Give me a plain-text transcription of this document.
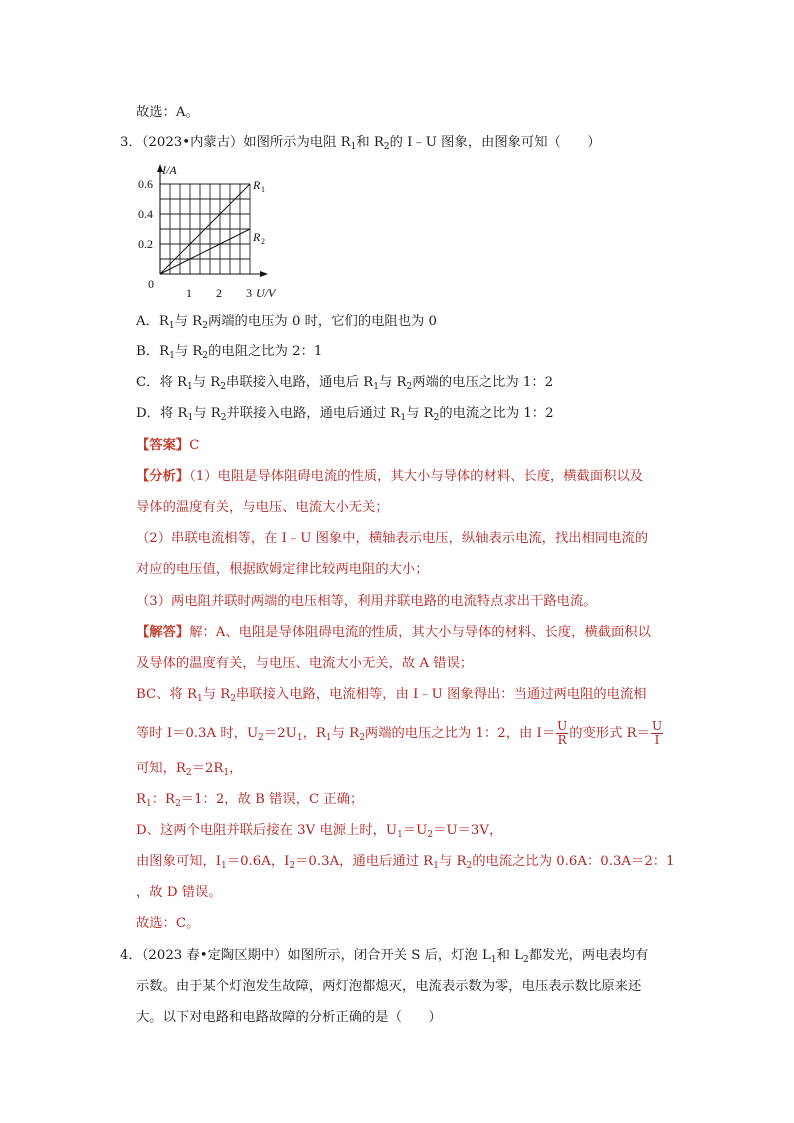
故选：A。
3．（2023•内蒙古）如图所示为电阻 $R_1$和 $R_2$的 I﹣U 图象，由图象可知（　　）
I/A
0.6
0.4
0.2
0
1 2 3 U/V
R 1
R 2
A．$R_1$与 $R_2$两端的电压为 0 时，它们的电阻也为 0
B．$R_1$与 $R_2$的电阻之比为 2：1
C．将 $R_1$与 $R_2$串联接入电路，通电后 $R_1$与 $R_2$两端的电压之比为 1：2
D．将 $R_1$与 $R_2$并联接入电路，通电后通过 $R_1$与 $R_2$的电流之比为 1：2
【答案】C
【分析】（1）电阻是导体阻碍电流的性质，其大小与导体的材料、长度，横截面积以及
导体的温度有关，与电压、电流大小无关；
（2）串联电流相等，在 I﹣U 图象中，横轴表示电压，纵轴表示电流，找出相同电流的
对应的电压值，根据欧姆定律比较两电阻的大小；
（3）两电阻并联时两端的电压相等，利用并联电路的电流特点求出干路电流。
【解答】解：A、电阻是导体阻碍电流的性质，其大小与导体的材料、长度，横截面积以
及导体的温度有关，与电压、电流大小无关，故 A 错误；
BC、将 $R_1$与 $R_2$串联接入电路，电流相等，由 I﹣U 图象得出：当通过两电阻的电流相
等时 I＝0.3A 时，$U_2=2U_1$，$R_1$与 $R_2$两端的电压之比为 1：2，由 $I= \frac{U}{R}$ 的变形式 $R= \frac{U}{I}$
可知，$R_2=2R_1$，
$R_1$：$R_2=1$：2，故 B 错误，C 正确；
D、这两个电阻并联后接在 3V 电源上时，$U_1=U_2=U=3V$，
由图象可知，$I_1=0.6A$，$I_2=0.3A$，通电后通过 $R_1$与 $R_2$的电流之比为 0.6A：0.3A＝2：1
，故 D 错误。
故选：C。
4．（2023 春•定陶区期中）如图所示，闭合开关 S 后，灯泡 $L_1$和 $L_2$都发光，两电表均有
示数。由于某个灯泡发生故障，两灯泡都熄灭，电流表示数为零，电压表示数比原来还
大。以下对电路和电路故障的分析正确的是（　　）
